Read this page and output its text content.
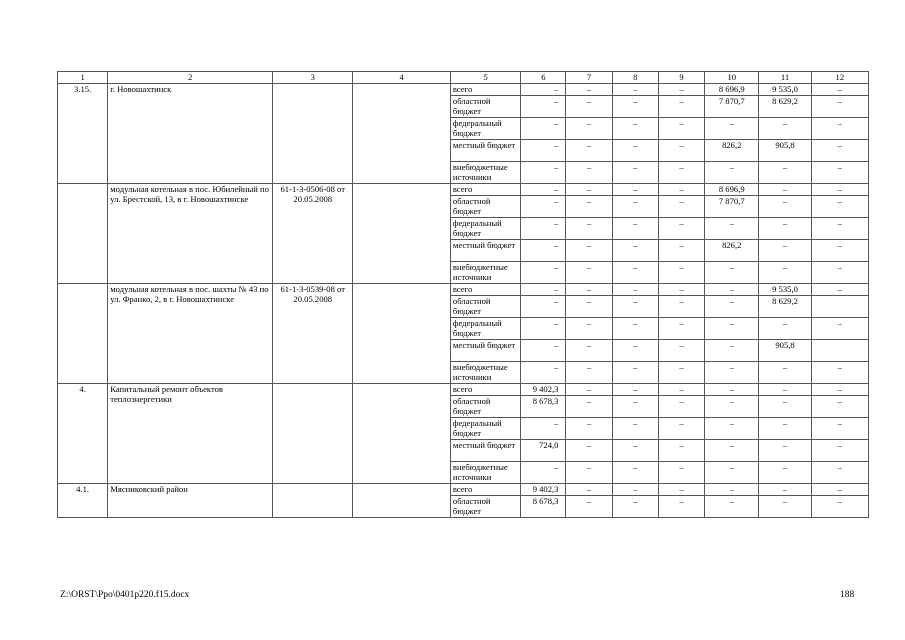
1	2	3	4	5	6	7	8	9	10	11	12
3.15.	г. Новошахтинск			всего	–	–	–	–	8 696,9	9 535,0	–
				областной бюджет	–	–	–	–	7 870,7	8 629,2	–
				федеральный бюджет	–	–	–	–	–	–	–
				местный бюджет	–	–	–	–	826,2	905,8	–
				внебюджетные источники	–	–	–	–	–	–	–
	модульная котельная в пос. Юбилейный по ул. Брестской, 13, в г. Новошахтинске	61-1-3-0506-08 от 20.05.2008		всего	–	–	–	–	8 696,9	–	–
				областной бюджет	–	–	–	–	7 870,7	–	–
				федеральный бюджет	–	–	–	–	–	–	–
				местный бюджет	–	–	–	–	826,2	–	–
				внебюджетные источники	–	–	–	–	–	–	–
	модульная котельная в пос. шахты № 43 по ул. Франко, 2, в г. Новошахтинске	61-1-3-0539-08 от 20.05.2008		всего	–	–	–	–	–	9 535,0	–
				областной бюджет	–	–	–	–	–	8 629,2	
				федеральный бюджет	–	–	–	–	–	–	–
				местный бюджет	–	–	–	–	–	905,8	
				внебюджетные источники	–	–	–	–	–	–	–
4.	Капитальный ремонт объектов теплоэнергетики			всего	9 402,3	–	–	–	–	–	–
				областной бюджет	8 678,3	–	–	–	–	–	–
				федеральный бюджет	–	–	–	–	–	–	–
				местный бюджет	724,0	–	–	–	–	–	–
				внебюджетные источники	–	–	–	–	–	–	–
4.1.	Мясниковский район			всего	9 402,3	–	–	–	–	–	–
				областной бюджет	8 678,3	–	–	–	–	–	–
Z:\ORST\Ppo\0401p220.f15.docx	188
